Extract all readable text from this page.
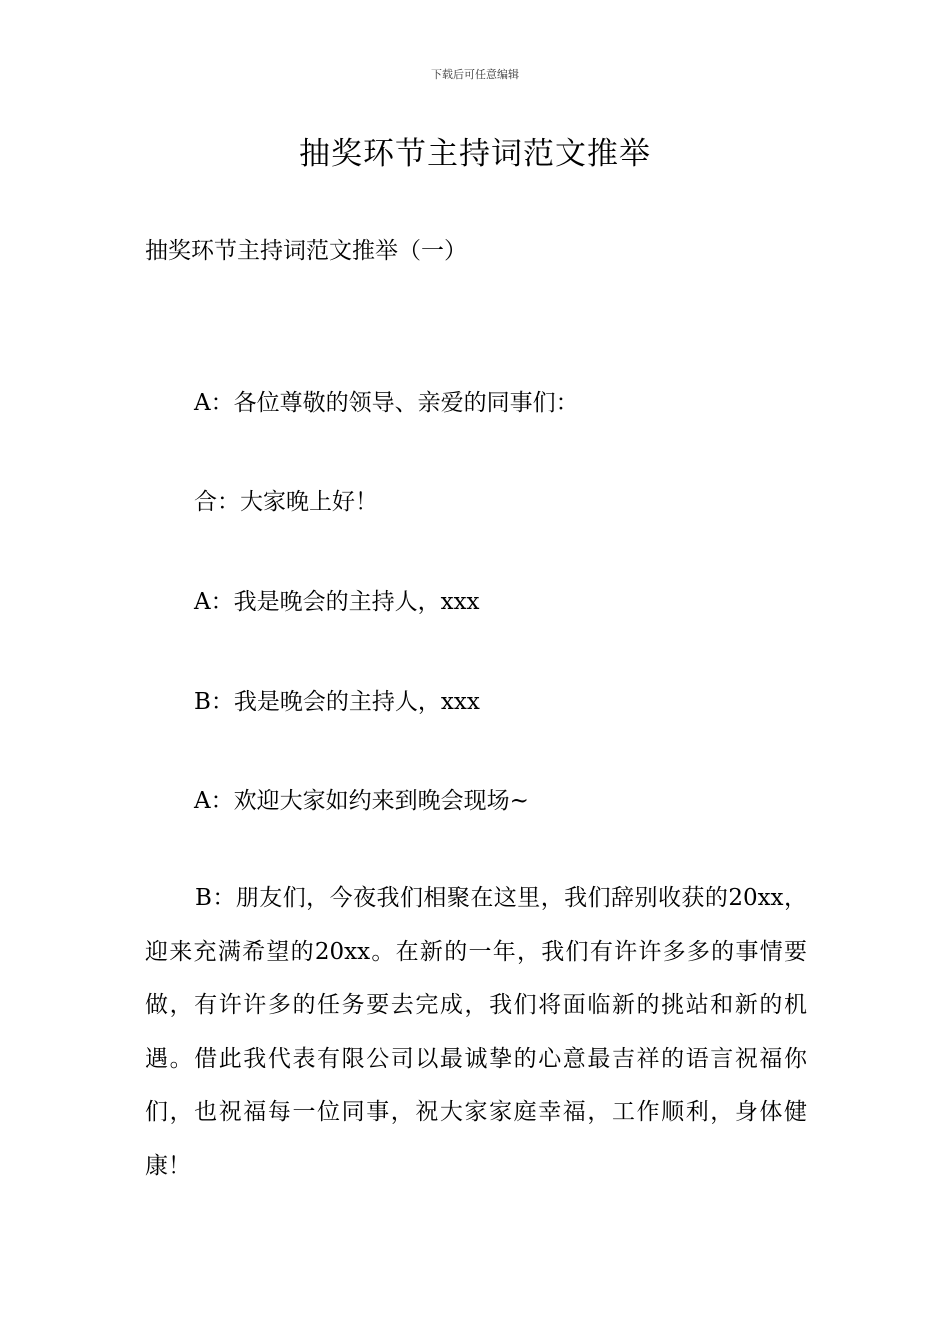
下载后可任意编辑
抽奖环节主持词范文推举
抽奖环节主持词范文推举（一）
A：各位尊敬的领导、亲爱的同事们：
合：大家晚上好！
A：我是晚会的主持人，xxx
B：我是晚会的主持人，xxx
A：欢迎大家如约来到晚会现场~
B：朋友们，今夜我们相聚在这里，我们辞别收获的20xx，迎来充满希望的20xx。在新的一年，我们有许许多多的事情要做，有许许多的任务要去完成，我们将面临新的挑站和新的机遇。借此我代表有限公司以最诚挚的心意最吉祥的语言祝福你们，也祝福每一位同事，祝大家家庭幸福，工作顺利，身体健康！
